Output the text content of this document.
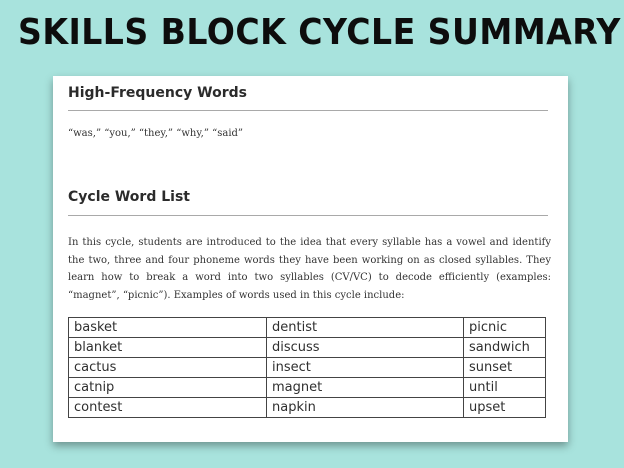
SKILLS BLOCK CYCLE SUMMARY
High-Frequency Words
“was,” “you,” “they,” “why,” “said”
Cycle Word List
In this cycle, students are introduced to the idea that every syllable has a vowel and identify the two, three and four phoneme words they have been working on as closed syllables. They learn how to break a word into two syllables (CV/VC) to decode efficiently (examples: “magnet”, “picnic”). Examples of words used in this cycle include:
basket	dentist	picnic
blanket	discuss	sandwich
cactus	insect	sunset
catnip	magnet	until
contest	napkin	upset
